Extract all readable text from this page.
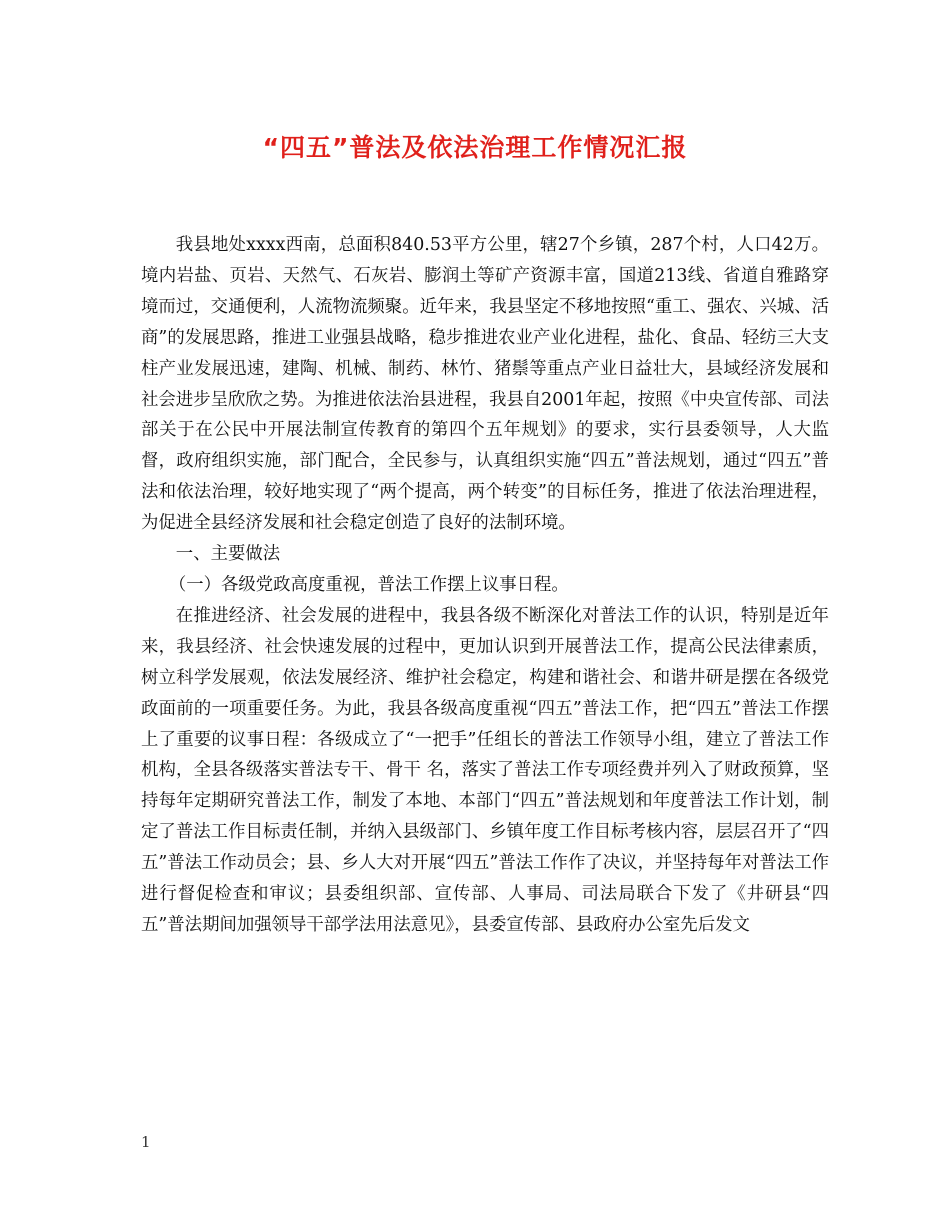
“四五”普法及依法治理工作情况汇报

我县地处xxxx西南，总面积840.53平方公里，辖27个乡镇，287个村，人口42万。境内岩盐、页岩、天然气、石灰岩、膨润土等矿产资源丰富，国道213线、省道自雅路穿境而过，交通便利，人流物流频聚。近年来，我县坚定不移地按照“重工、强农、兴城、活商”的发展思路，推进工业强县战略，稳步推进农业产业化进程，盐化、食品、轻纺三大支柱产业发展迅速，建陶、机械、制药、林竹、猪鬃等重点产业日益壮大，县域经济发展和社会进步呈欣欣之势。为推进依法治县进程，我县自2001年起，按照《中央宣传部、司法部关于在公民中开展法制宣传教育的第四个五年规划》的要求，实行县委领导，人大监督，政府组织实施，部门配合，全民参与，认真组织实施“四五”普法规划，通过“四五”普法和依法治理，较好地实现了“两个提高，两个转变”的目标任务，推进了依法治理进程，为促进全县经济发展和社会稳定创造了良好的法制环境。

一、主要做法

（一）各级党政高度重视，普法工作摆上议事日程。

在推进经济、社会发展的进程中，我县各级不断深化对普法工作的认识，特别是近年来，我县经济、社会快速发展的过程中，更加认识到开展普法工作，提高公民法律素质，树立科学发展观，依法发展经济、维护社会稳定，构建和谐社会、和谐井研是摆在各级党政面前的一项重要任务。为此，我县各级高度重视“四五”普法工作，把“四五”普法工作摆上了重要的议事日程：各级成立了“一把手”任组长的普法工作领导小组，建立了普法工作机构，全县各级落实普法专干、骨干 名，落实了普法工作专项经费并列入了财政预算，坚持每年定期研究普法工作，制发了本地、本部门“四五”普法规划和年度普法工作计划，制定了普法工作目标责任制，并纳入县级部门、乡镇年度工作目标考核内容，层层召开了“四五”普法工作动员会；县、乡人大对开展“四五”普法工作作了决议，并坚持每年对普法工作进行督促检查和审议；县委组织部、宣传部、人事局、司法局联合下发了《井研县“四五”普法期间加强领导干部学法用法意见》，县委宣传部、县政府办公室先后发文

1
